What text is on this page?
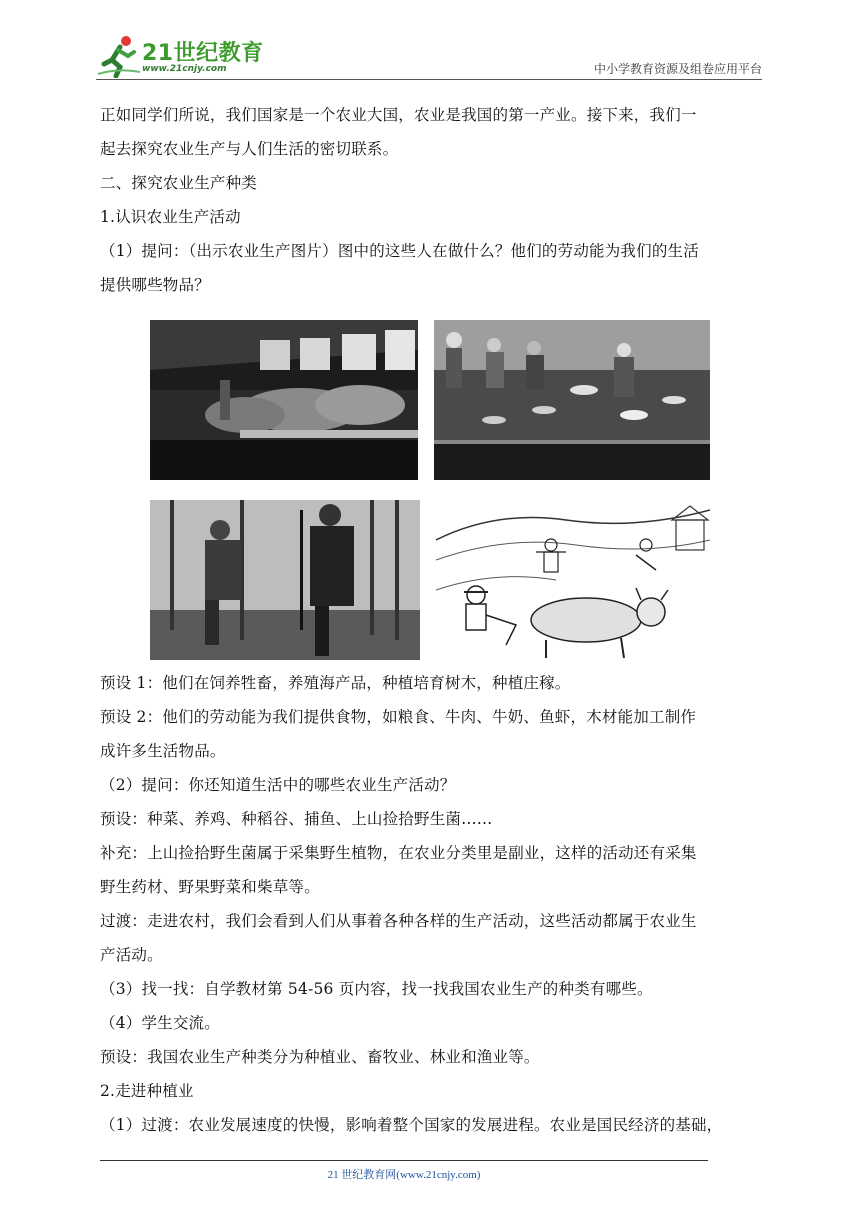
21世纪教育
www.21cnjy.com	中小学教育资源及组卷应用平台

正如同学们所说，我们国家是一个农业大国，农业是我国的第一产业。接下来，我们一

起去探究农业生产与人们生活的密切联系。

二、探究农业生产种类

1.认识农业生产活动

（1）提问：（出示农业生产图片）图中的这些人在做什么？他们的劳动能为我们的生活

提供哪些物品？

预设 1：他们在饲养牲畜，养殖海产品，种植培育树木，种植庄稼。

预设 2：他们的劳动能为我们提供食物，如粮食、牛肉、牛奶、鱼虾，木材能加工制作

成许多生活物品。

（2）提问：你还知道生活中的哪些农业生产活动？

预设：种菜、养鸡、种稻谷、捕鱼、上山捡拾野生菌……

补充：上山捡拾野生菌属于采集野生植物，在农业分类里是副业，这样的活动还有采集

野生药材、野果野菜和柴草等。

过渡：走进农村，我们会看到人们从事着各种各样的生产活动，这些活动都属于农业生

产活动。

（3）找一找：自学教材第 54-56 页内容，找一找我国农业生产的种类有哪些。

（4）学生交流。

预设：我国农业生产种类分为种植业、畜牧业、林业和渔业等。

2.走进种植业

（1）过渡：农业发展速度的快慢，影响着整个国家的发展进程。农业是国民经济的基础，

21 世纪教育网(www.21cnjy.com)
